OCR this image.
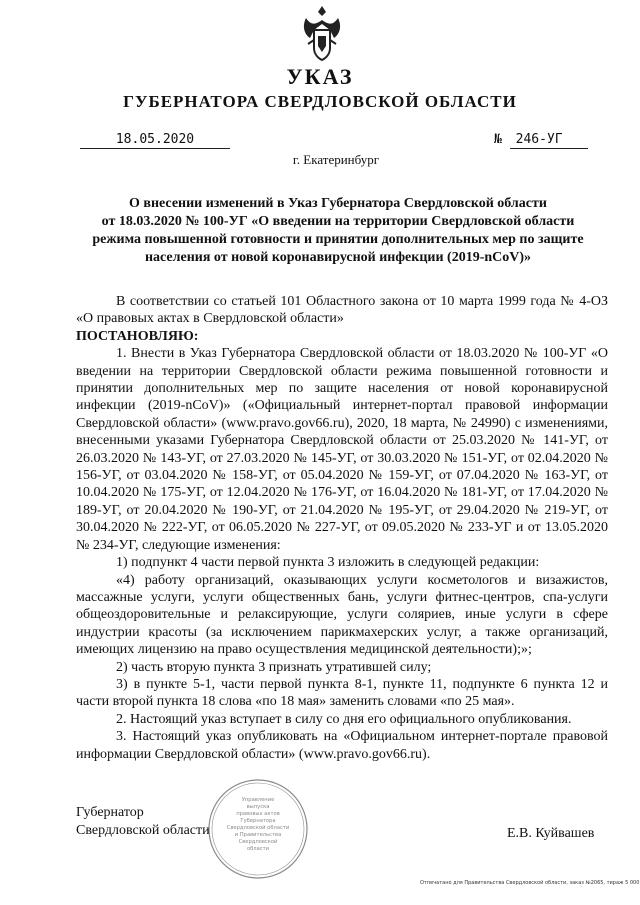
УКАЗ
ГУБЕРНАТОРА СВЕРДЛОВСКОЙ ОБЛАСТИ
18.05.2020	№ 246-УГ
г. Екатеринбург
О внесении изменений в Указ Губернатора Свердловской области
от 18.03.2020 № 100-УГ «О введении на территории Свердловской области
режима повышенной готовности и принятии дополнительных мер по защите
населения от новой коронавирусной инфекции (2019-nCoV)»

В соответствии со статьей 101 Областного закона от 10 марта 1999 года № 4-ОЗ «О правовых актах в Свердловской области»

ПОСТАНОВЛЯЮ:

1. Внести в Указ Губернатора Свердловской области от 18.03.2020 № 100-УГ «О введении на территории Свердловской области режима повышенной готовности и принятии дополнительных мер по защите населения от новой коронавирусной инфекции (2019-nCoV)» («Официальный интернет-портал правовой информации Свердловской области» (www.pravo.gov66.ru), 2020, 18 марта, № 24990) с изменениями, внесенными указами Губернатора Свердловской области от 25.03.2020 № 141-УГ, от 26.03.2020 № 143-УГ, от 27.03.2020 № 145-УГ, от 30.03.2020 № 151-УГ, от 02.04.2020 № 156-УГ, от 03.04.2020 № 158-УГ, от 05.04.2020 № 159-УГ, от 07.04.2020 № 163-УГ, от 10.04.2020 № 175-УГ, от 12.04.2020 № 176-УГ, от 16.04.2020 № 181-УГ, от 17.04.2020 № 189-УГ, от 20.04.2020 № 190-УГ, от 21.04.2020 № 195-УГ, от 29.04.2020 № 219-УГ, от 30.04.2020 № 222-УГ, от 06.05.2020 № 227-УГ, от 09.05.2020 № 233-УГ и от 13.05.2020 № 234-УГ, следующие изменения:

1) подпункт 4 части первой пункта 3 изложить в следующей редакции:

«4) работу организаций, оказывающих услуги косметологов и визажистов, массажные услуги, услуги общественных бань, услуги фитнес-центров, спа-услуги общеоздоровительные и релаксирующие, услуги соляриев, иные услуги в сфере индустрии красоты (за исключением парикмахерских услуг, а также организаций, имеющих лицензию на право осуществления медицинской деятельности);»;

2) часть вторую пункта 3 признать утратившей силу;

3) в пункте 5-1, части первой пункта 8-1, пункте 11, подпункте 6 пункта 12 и части второй пункта 18 слова «по 18 мая» заменить словами «по 25 мая».

2. Настоящий указ вступает в силу со дня его официального опубликования.

3. Настоящий указ опубликовать на «Официальном интернет-портале правовой информации Свердловской области» (www.pravo.gov66.ru).

Губернатор
Свердловской области
Управление
выпуска
правовых актов
Губернатора
Свердловской области
и Правительства
Свердловской
области
Е.В. Куйвашев
Отпечатано для Правительства Свердловской области, заказ №2065, тираж 5 000
